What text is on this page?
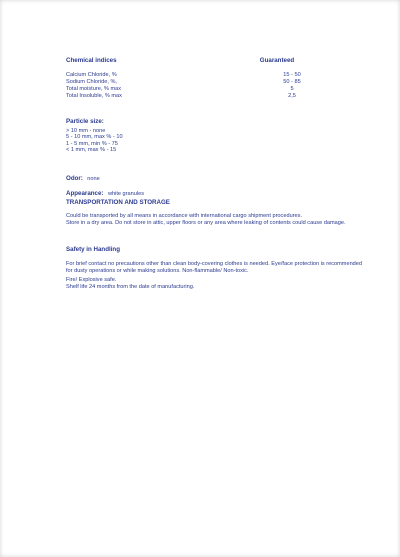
Chemical indices	Guaranteed
Calcium Chloride, %	15 - 50
Sodium Chloride, %,	50 - 85
Total moisture, % max	5
Total Insoluble, % max	2,5
Particle size:
> 10 mm - none
5 - 10 mm, max % - 10
1 - 5 mm, min % - 75
< 1 mm, max % - 15
Odor: none
Appearance: white granules
TRANSPORTATION AND STORAGE
Could be transported by all means in accordance with international cargo shipment procedures.
Store in a dry area. Do not store in attic, upper floors or any area where leaking of contents could cause damage.
Safety in Handling
For brief contact no precautions other than clean body-covering clothes is needed. Eye/face protection is recommended for dusty operations or while making solutions. Non-flammable/ Non-toxic.
Fire/ Explosive safe.
Shelf life 24 months from the date of manufacturing.
